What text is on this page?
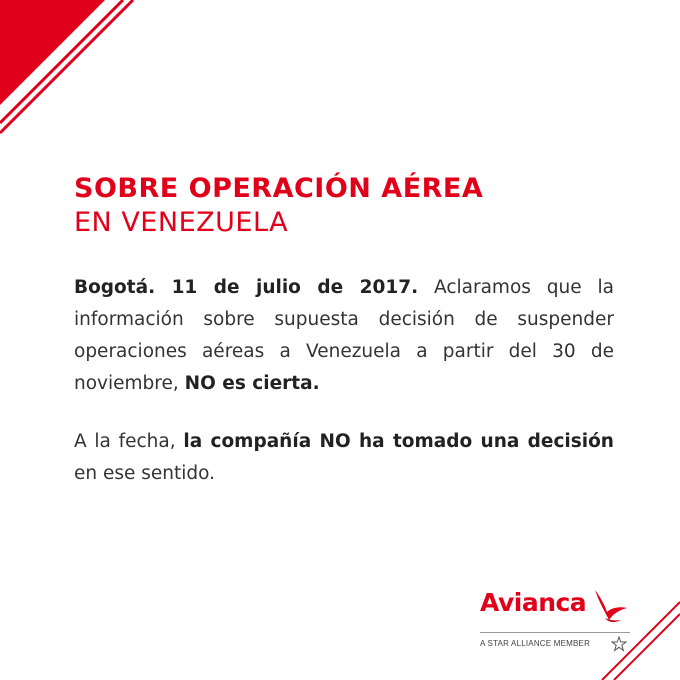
SOBRE OPERACIÓN AÉREA
EN VENEZUELA

Bogotá. 11 de julio de 2017. Aclaramos que la información sobre supuesta decisión de suspender operaciones aéreas a Venezuela a partir del 30 de noviembre, NO es cierta.

A la fecha, la compañía NO ha tomado una decisión en ese sentido.

Avianca
A STAR ALLIANCE MEMBER
